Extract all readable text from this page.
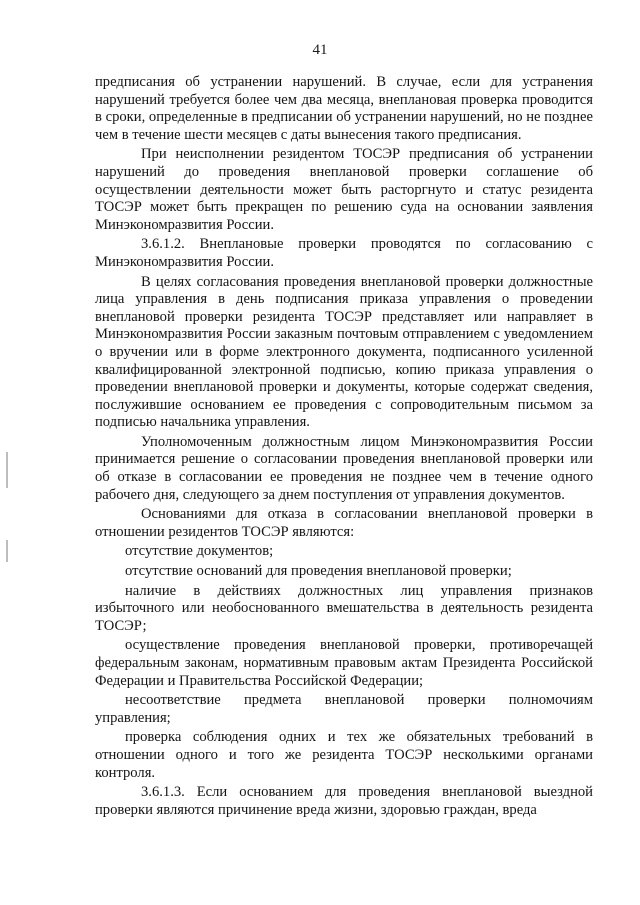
41

предписания об устранении нарушений. В случае, если для устранения нарушений требуется более чем два месяца, внеплановая проверка проводится в сроки, определенные в предписании об устранении нарушений, но не позднее чем в течение шести месяцев с даты вынесения такого предписания.

При неисполнении резидентом ТОСЭР предписания об устранении нарушений до проведения внеплановой проверки соглашение об осуществлении деятельности может быть расторгнуто и статус резидента ТОСЭР может быть прекращен по решению суда на основании заявления Минэкономразвития России.

3.6.1.2. Внеплановые проверки проводятся по согласованию с Минэкономразвития России.

В целях согласования проведения внеплановой проверки должностные лица управления в день подписания приказа управления о проведении внеплановой проверки резидента ТОСЭР представляет или направляет в Минэкономразвития России заказным почтовым отправлением с уведомлением о вручении или в форме электронного документа, подписанного усиленной квалифицированной электронной подписью, копию приказа управления о проведении внеплановой проверки и документы, которые содержат сведения, послужившие основанием ее проведения с сопроводительным письмом за подписью начальника управления.

Уполномоченным должностным лицом Минэкономразвития России принимается решение о согласовании проведения внеплановой проверки или об отказе в согласовании ее проведения не позднее чем в течение одного рабочего дня, следующего за днем поступления от управления документов.

Основаниями для отказа в согласовании внеплановой проверки в отношении резидентов ТОСЭР являются:

отсутствие документов;

отсутствие оснований для проведения внеплановой проверки;

наличие в действиях должностных лиц управления признаков избыточного или необоснованного вмешательства в деятельность резидента ТОСЭР;

осуществление проведения внеплановой проверки, противоречащей федеральным законам, нормативным правовым актам Президента Российской Федерации и Правительства Российской Федерации;

несоответствие предмета внеплановой проверки полномочиям управления;

проверка соблюдения одних и тех же обязательных требований в отношении одного и того же резидента ТОСЭР несколькими органами контроля.

3.6.1.3. Если основанием для проведения внеплановой выездной проверки являются причинение вреда жизни, здоровью граждан, вреда
